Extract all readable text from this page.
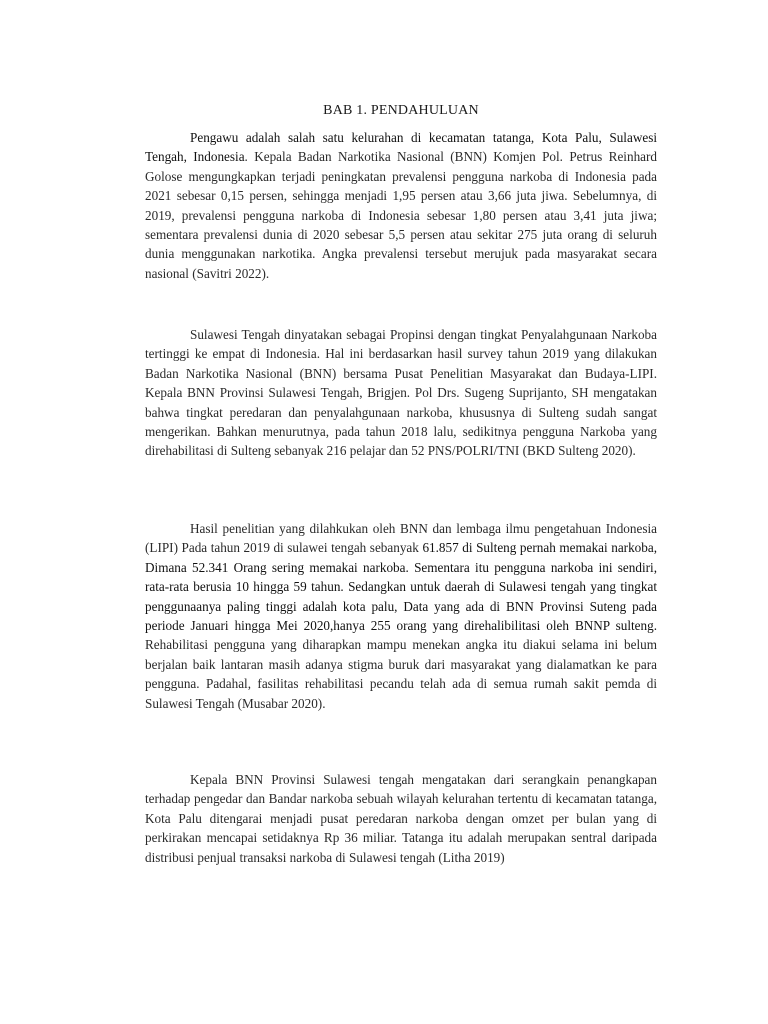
BAB 1. PENDAHULUAN

Pengawu adalah salah satu kelurahan di kecamatan tatanga, Kota Palu, Sulawesi Tengah, Indonesia. Kepala Badan Narkotika Nasional (BNN) Komjen Pol. Petrus Reinhard Golose mengungkapkan terjadi peningkatan prevalensi pengguna narkoba di Indonesia pada 2021 sebesar 0,15 persen, sehingga menjadi 1,95 persen atau 3,66 juta jiwa. Sebelumnya, di 2019, prevalensi pengguna narkoba di Indonesia sebesar 1,80 persen atau 3,41 juta jiwa; sementara prevalensi dunia di 2020 sebesar 5,5 persen atau sekitar 275 juta orang di seluruh dunia menggunakan narkotika. Angka prevalensi tersebut merujuk pada masyarakat secara nasional (Savitri 2022).

Sulawesi Tengah dinyatakan sebagai Propinsi dengan tingkat Penyalahgunaan Narkoba tertinggi ke empat di Indonesia. Hal ini berdasarkan hasil survey tahun 2019 yang dilakukan Badan Narkotika Nasional (BNN) bersama Pusat Penelitian Masyarakat dan Budaya-LIPI. Kepala BNN Provinsi Sulawesi Tengah, Brigjen. Pol Drs. Sugeng Suprijanto, SH mengatakan bahwa tingkat peredaran dan penyalahgunaan narkoba, khususnya di Sulteng sudah sangat mengerikan. Bahkan menurutnya, pada tahun 2018 lalu, sedikitnya pengguna Narkoba yang direhabilitasi di Sulteng sebanyak 216 pelajar dan 52 PNS/POLRI/TNI (BKD Sulteng 2020).

Hasil penelitian yang dilahkukan oleh BNN dan lembaga ilmu pengetahuan Indonesia (LIPI) Pada tahun 2019 di sulawei tengah sebanyak 61.857 di Sulteng pernah memakai narkoba, Dimana 52.341 Orang sering memakai narkoba. Sementara itu pengguna narkoba ini sendiri, rata-rata berusia 10 hingga 59 tahun. Sedangkan untuk daerah di Sulawesi tengah yang tingkat penggunaanya paling tinggi adalah kota palu, Data yang ada di BNN Provinsi Suteng pada periode Januari hingga Mei 2020,hanya 255 orang yang direhalibilitasi oleh BNNP sulteng. Rehabilitasi pengguna yang diharapkan mampu menekan angka itu diakui selama ini belum berjalan baik lantaran masih adanya stigma buruk dari masyarakat yang dialamatkan ke para pengguna. Padahal, fasilitas rehabilitasi pecandu telah ada di semua rumah sakit pemda di Sulawesi Tengah (Musabar 2020).

Kepala BNN Provinsi Sulawesi tengah mengatakan dari serangkain penangkapan terhadap pengedar dan Bandar narkoba sebuah wilayah kelurahan tertentu di kecamatan tatanga, Kota Palu ditengarai menjadi pusat peredaran narkoba dengan omzet per bulan yang di perkirakan mencapai setidaknya Rp 36 miliar. Tatanga itu adalah merupakan sentral daripada distribusi penjual transaksi narkoba di Sulawesi tengah (Litha 2019)
